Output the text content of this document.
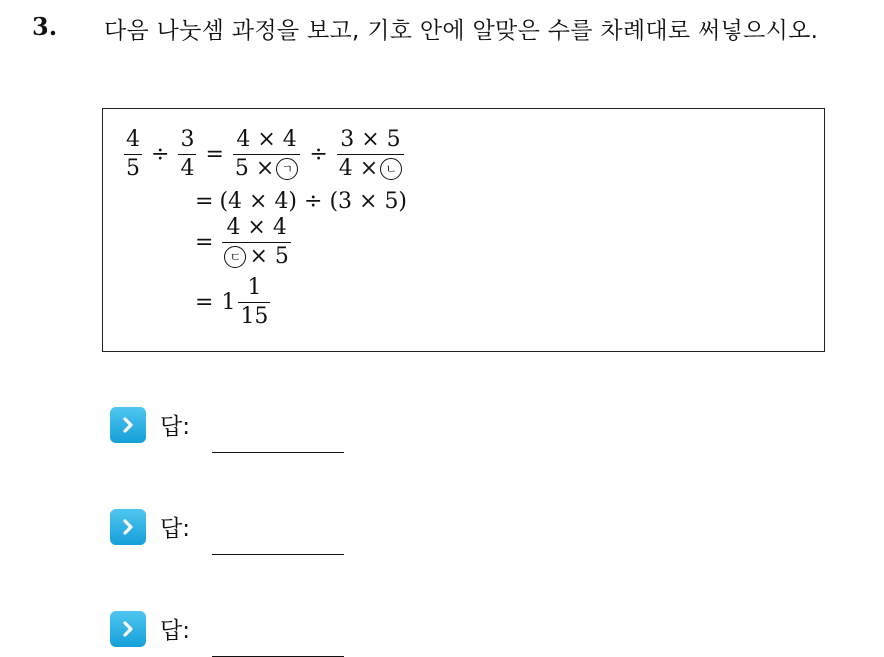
3. 다음 나눗셈 과정을 보고, 기호 안에 알맞은 수를 차례대로 써넣으시오.
$\frac{4}{5} \div \frac{3}{4} = \frac{4 \times 4}{\text{5 × ㄱ}} \div \frac{3 \times 5}{\text{4 × ㄴ}}$
= (4 × 4) ÷ (3 × 5)
= $\frac{4 \times 4}{\text{ㄷ × 5}}$
= $1 \frac{1}{15}$
답:
답:
답:
